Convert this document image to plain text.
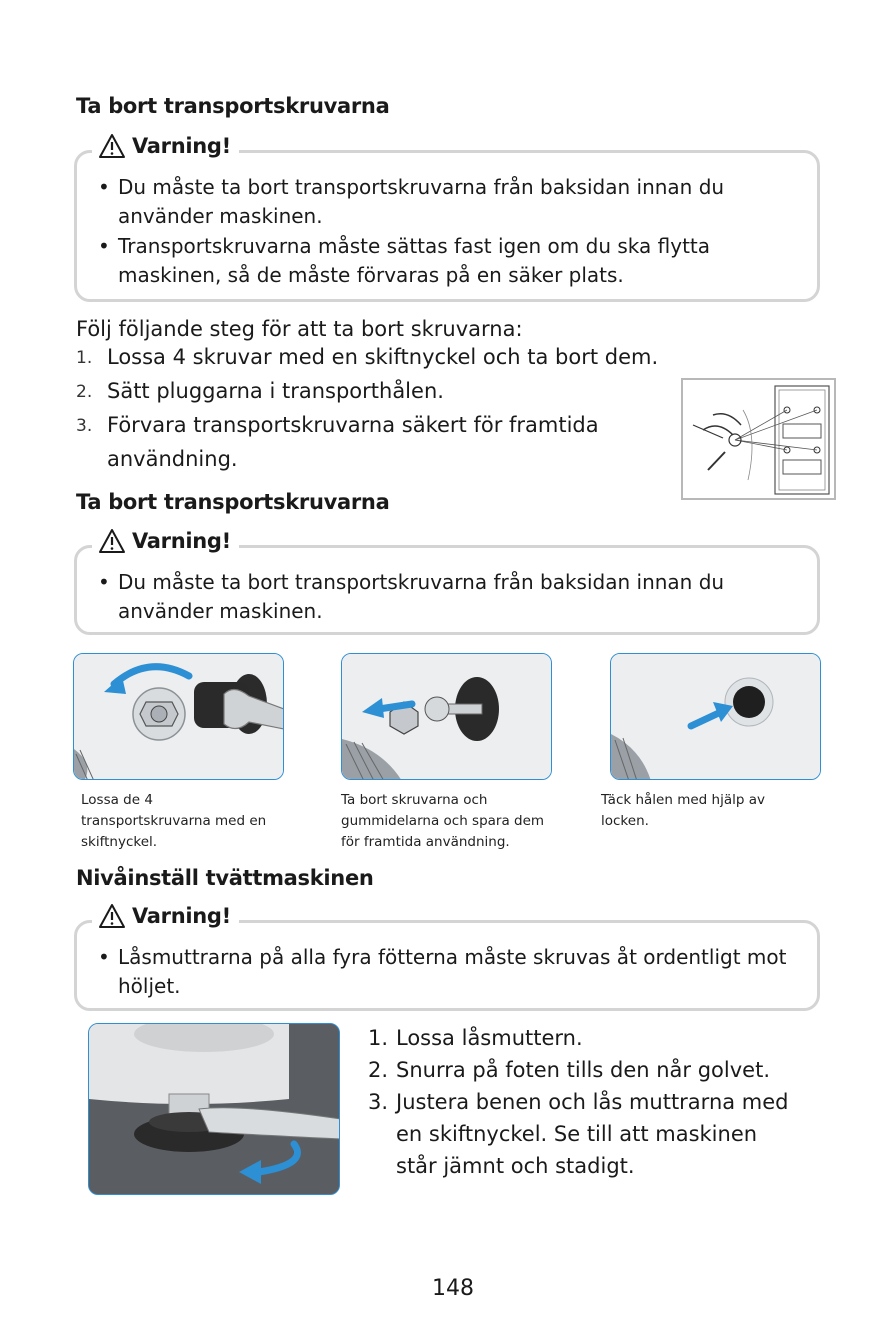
Ta bort transportskruvarna
Varning!
• Du måste ta bort transportskruvarna från baksidan innan du
använder maskinen.
• Transportskruvarna måste sättas fast igen om du ska flytta
maskinen, så de måste förvaras på en säker plats.
Följ följande steg för att ta bort skruvarna:
1. Lossa 4 skruvar med en skiftnyckel och ta bort dem.
2. Sätt pluggarna i transporthålen.
3. Förvara transportskruvarna säkert för framtida
användning.
Ta bort transportskruvarna
Varning!
• Du måste ta bort transportskruvarna från baksidan innan du
använder maskinen.
Lossa de 4
transportskruvarna med en
skiftnyckel.
Ta bort skruvarna och
gummidelarna och spara dem
för framtida användning.
Täck hålen med hjälp av
locken.
Nivåinställ tvättmaskinen
Varning!
• Låsmuttrarna på alla fyra fötterna måste skruvas åt ordentligt mot
höljet.
1. Lossa låsmuttern.
2. Snurra på foten tills den når golvet.
3. Justera benen och lås muttrarna med
en skiftnyckel. Se till att maskinen
står jämnt och stadigt.
148
